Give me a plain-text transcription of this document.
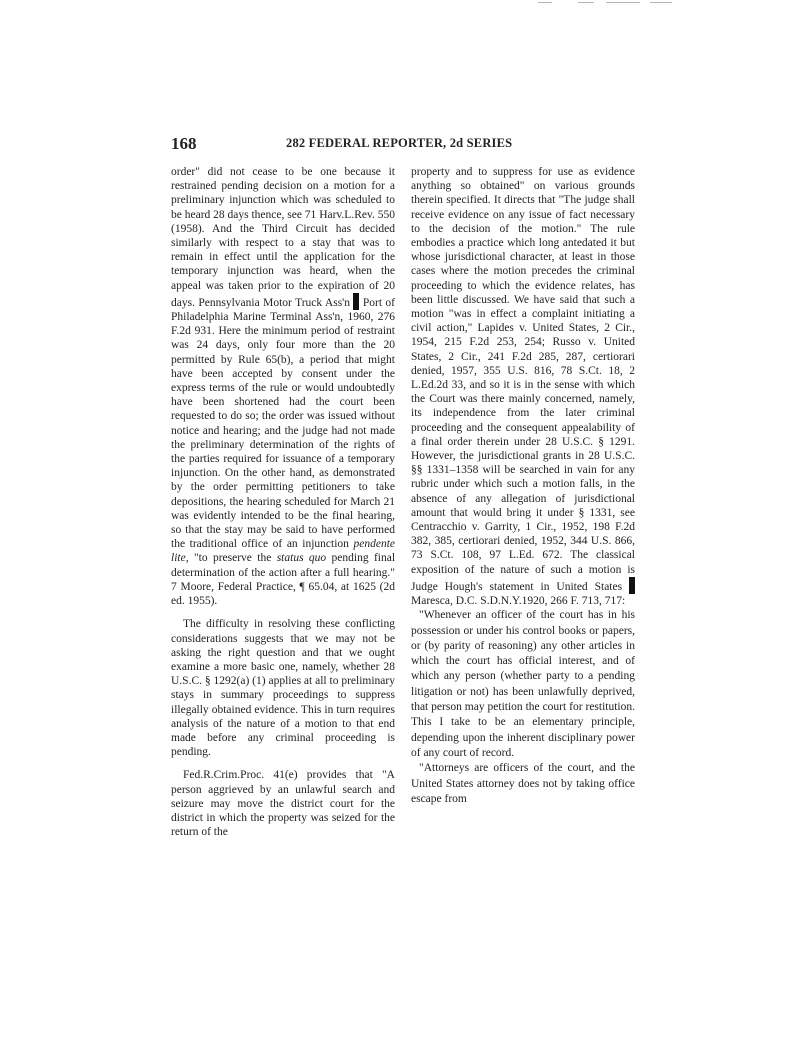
168	282 FEDERAL REPORTER, 2d SERIES

order" did not cease to be one because it restrained pending decision on a motion for a preliminary injunction which was scheduled to be heard 28 days thence, see 71 Harv.L.Rev. 550 (1958). And the Third Circuit has decided similarly with respect to a stay that was to remain in effect until the application for the temporary injunction was heard, when the appeal was taken prior to the expiration of 20 days. Pennsylvania Motor Truck Ass'n Port of Philadelphia Marine Terminal Ass'n, 1960, 276 F.2d 931. Here the minimum period of restraint was 24 days, only four more than the 20 permitted by Rule 65(b), a period that might have been accepted by consent under the express terms of the rule or would undoubtedly have been shortened had the court been requested to do so; the order was issued without notice and hearing; and the judge had not made the preliminary determination of the rights of the parties required for issuance of a temporary injunction. On the other hand, as demonstrated by the order permitting petitioners to take depositions, the hearing scheduled for March 21 was evidently intended to be the final hearing, so that the stay may be said to have performed the traditional office of an injunction pendente lite, "to preserve the status quo pending final determination of the action after a full hearing." 7 Moore, Federal Practice, ¶ 65.04, at 1625 (2d ed. 1955).

The difficulty in resolving these conflicting considerations suggests that we may not be asking the right question and that we ought examine a more basic one, namely, whether 28 U.S.C. § 1292(a) (1) applies at all to preliminary stays in summary proceedings to suppress illegally obtained evidence. This in turn requires analysis of the nature of a motion to that end made before any criminal proceeding is pending.

Fed.R.Crim.Proc. 41(e) provides that "A person aggrieved by an unlawful search and seizure may move the district court for the district in which the property was seized for the return of the

property and to suppress for use as evidence anything so obtained" on various grounds therein specified. It directs that "The judge shall receive evidence on any issue of fact necessary to the decision of the motion." The rule embodies a practice which long antedated it but whose jurisdictional character, at least in those cases where the motion precedes the criminal proceeding to which the evidence relates, has been little discussed. We have said that such a motion "was in effect a complaint initiating a civil action," Lapides v. United States, 2 Cir., 1954, 215 F.2d 253, 254; Russo v. United States, 2 Cir., 241 F.2d 285, 287, certiorari denied, 1957, 355 U.S. 816, 78 S.Ct. 18, 2 L.Ed.2d 33, and so it is in the sense with which the Court was there mainly concerned, namely, its independence from the later criminal proceeding and the consequent appealability of a final order therein under 28 U.S.C. § 1291. However, the jurisdictional grants in 28 U.S.C. §§ 1331–1358 will be searched in vain for any rubric under which such a motion falls, in the absence of any allegation of jurisdictional amount that would bring it under § 1331, see Centracchio v. Garrity, 1 Cir., 1952, 198 F.2d 382, 385, certiorari denied, 1952, 344 U.S. 866, 73 S.Ct. 108, 97 L.Ed. 672. The classical exposition of the nature of such a motion is Judge Hough's statement in United States  Maresca, D.C. S.D.N.Y.1920, 266 F. 713, 717:

"Whenever an officer of the court has in his possession or under his control books or papers, or (by parity of reasoning) any other articles in which the court has official interest, and of which any person (whether party to a pending litigation or not) has been unlawfully deprived, that person may petition the court for restitution. This I take to be an elementary principle, depending upon the inherent disciplinary power of any court of record.

"Attorneys are officers of the court, and the United States attorney does not by taking office escape from
